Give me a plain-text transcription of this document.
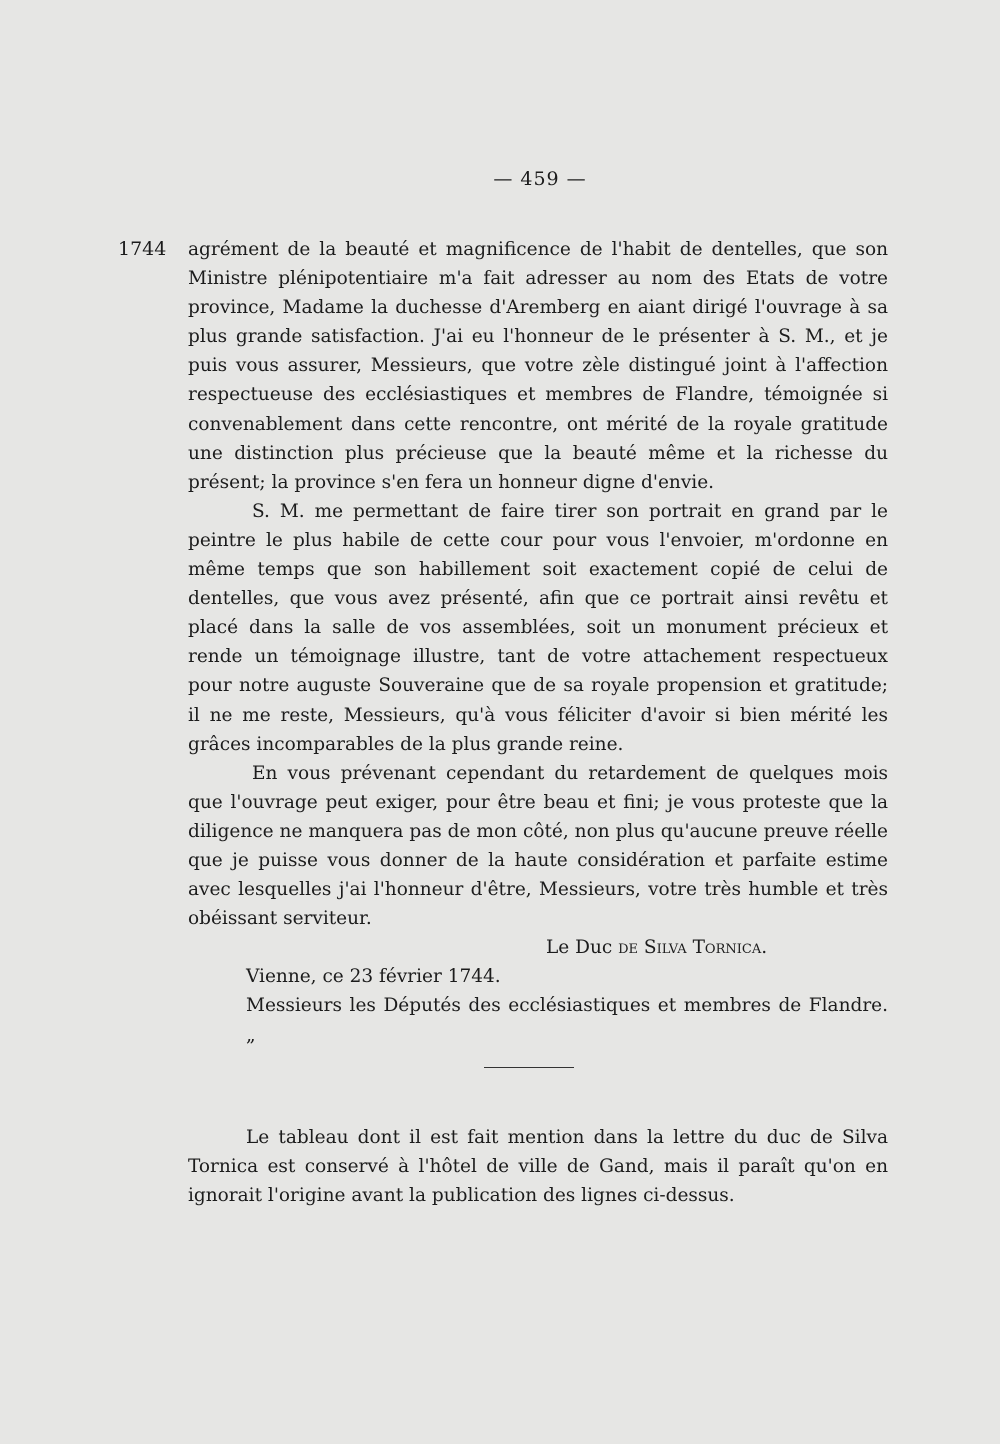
— 459 —
1744 agrément de la beauté et magnificence de l'habit de dentelles, que son Ministre plénipotentiaire m'a fait adresser au nom des Etats de votre province, Madame la duchesse d'Aremberg en aiant dirigé l'ouvrage à sa plus grande satisfaction. J'ai eu l'honneur de le présenter à S. M., et je puis vous assurer, Messieurs, que votre zèle distingué joint à l'affection respectueuse des ecclésiastiques et membres de Flandre, témoignée si convenablement dans cette rencontre, ont mérité de la royale gratitude une distinction plus précieuse que la beauté même et la richesse du présent; la province s'en fera un honneur digne d'envie.

S. M. me permettant de faire tirer son portrait en grand par le peintre le plus habile de cette cour pour vous l'envoier, m'ordonne en même temps que son habillement soit exactement copié de celui de dentelles, que vous avez présenté, afin que ce portrait ainsi revêtu et placé dans la salle de vos assemblées, soit un monument précieux et rende un témoignage illustre, tant de votre attachement respectueux pour notre auguste Souveraine que de sa royale propension et gratitude; il ne me reste, Messieurs, qu'à vous féliciter d'avoir si bien mérité les grâces incomparables de la plus grande reine.

En vous prévenant cependant du retardement de quelques mois que l'ouvrage peut exiger, pour être beau et fini; je vous proteste que la diligence ne manquera pas de mon côté, non plus qu'aucune preuve réelle que je puisse vous donner de la haute considération et parfaite estime avec lesquelles j'ai l'honneur d'être, Messieurs, votre très humble et très obéissant serviteur.

Le Duc de Silva Tornica.

Vienne, ce 23 février 1744.

Messieurs les Députés des ecclésiastiques et membres de Flandre. „

Le tableau dont il est fait mention dans la lettre du duc de Silva Tornica est conservé à l'hôtel de ville de Gand, mais il paraît qu'on en ignorait l'origine avant la publication des lignes ci-dessus.
